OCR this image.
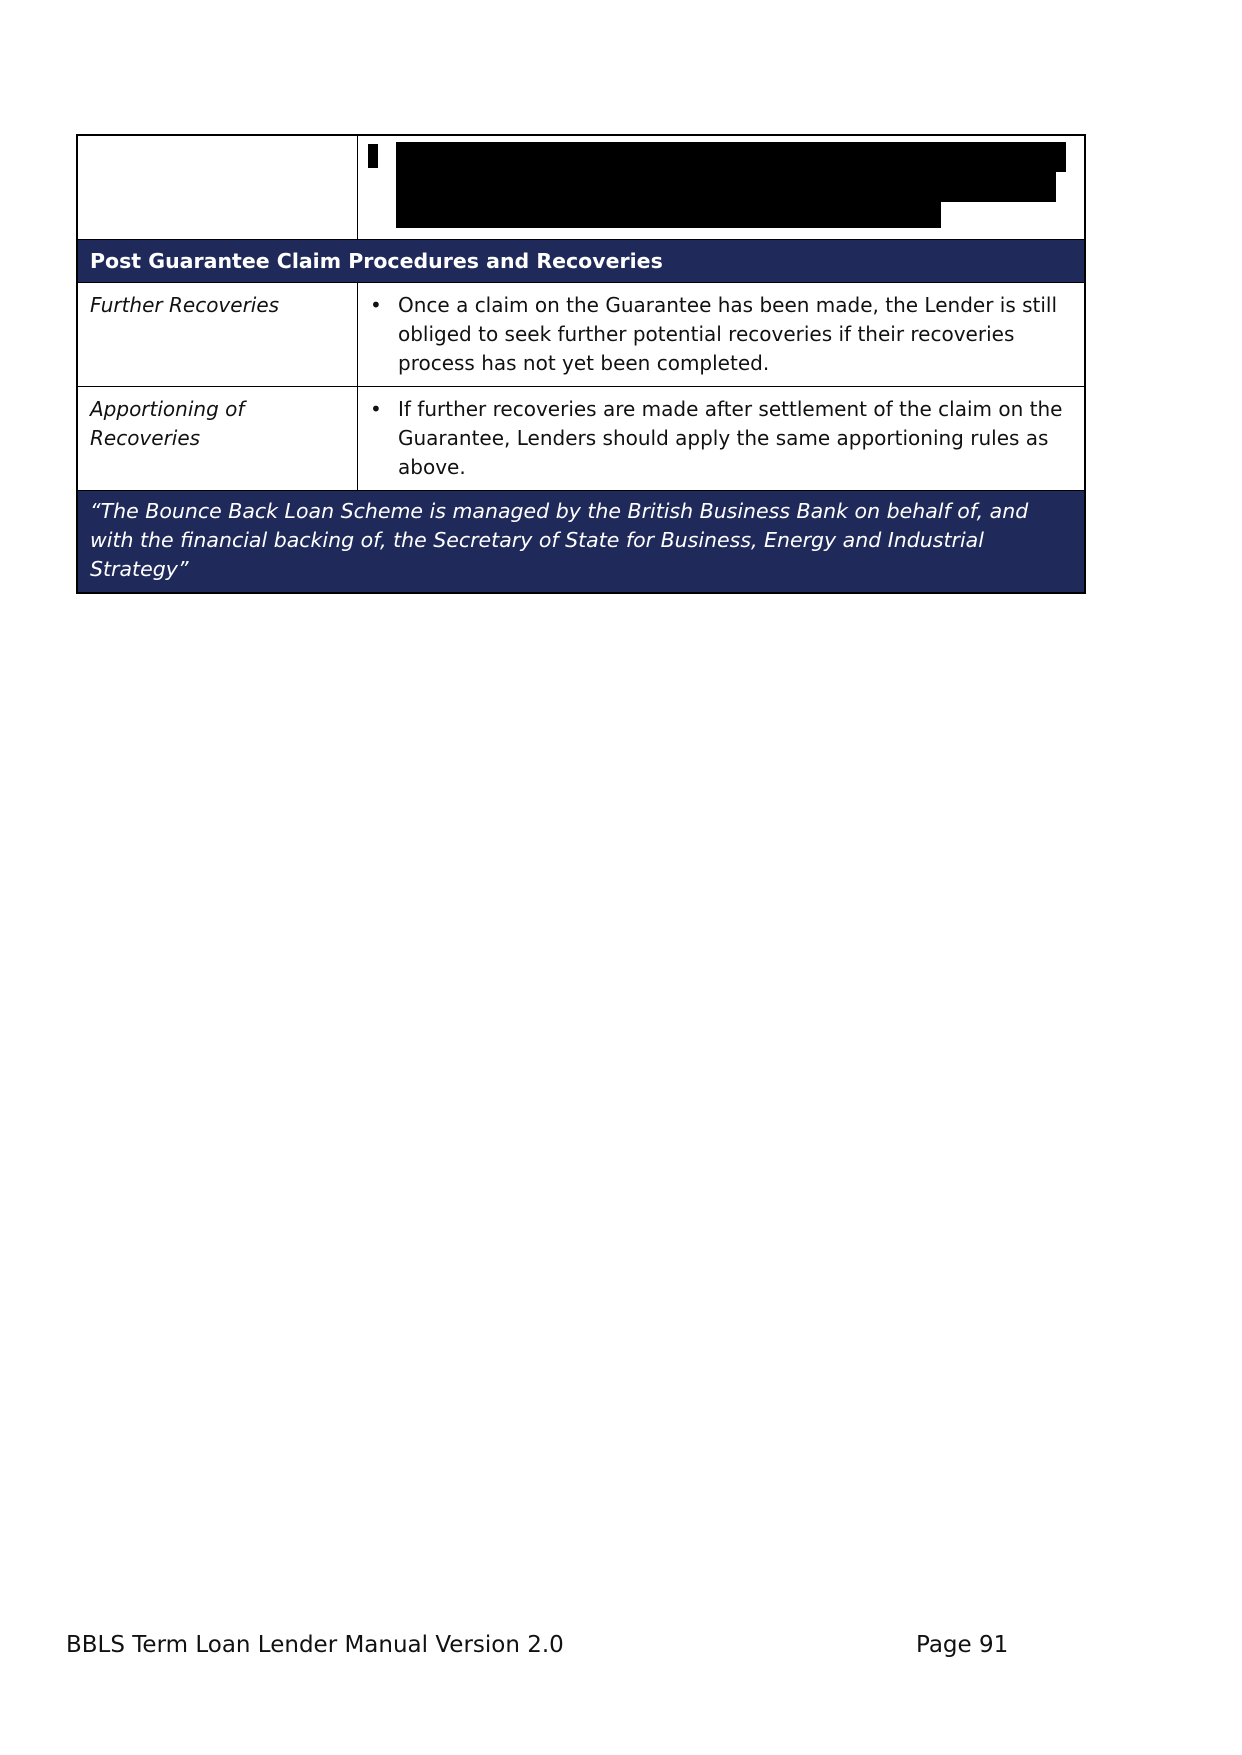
Post Guarantee Claim Procedures and Recoveries
Further Recoveries	• Once a claim on the Guarantee has been made, the Lender is still obliged to seek further potential recoveries if their recoveries process has not yet been completed.
Apportioning of Recoveries
• If further recoveries are made after settlement of the claim on the Guarantee, Lenders should apply the same apportioning rules as above.
“The Bounce Back Loan Scheme is managed by the British Business Bank on behalf of, and with the financial backing of, the Secretary of State for Business, Energy and Industrial Strategy”
BBLS Term Loan Lender Manual Version 2.0	Page 91
